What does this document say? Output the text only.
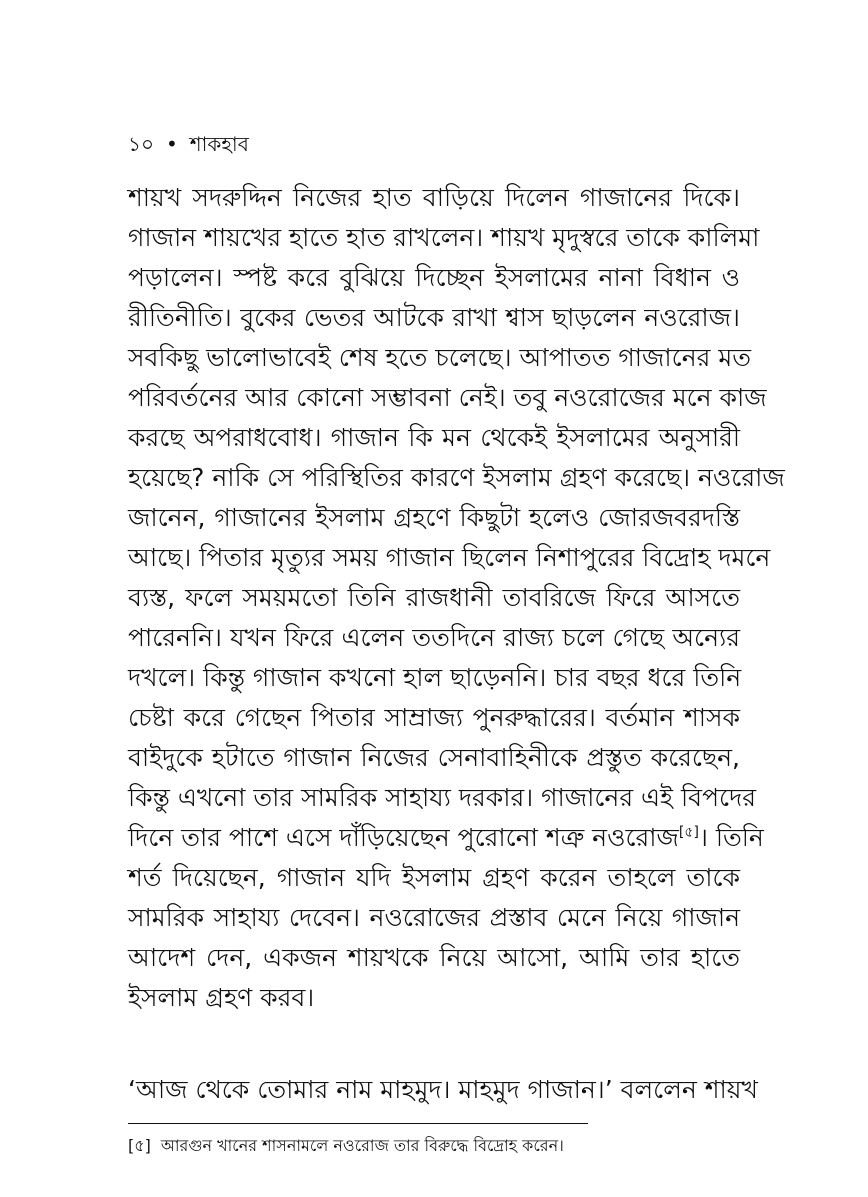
১০ • শাকহাব
শায়খ সদরুদ্দিন নিজের হাত বাড়িয়ে দিলেন গাজানের দিকে।
গাজান শায়খের হাতে হাত রাখলেন। শায়খ মৃদুস্বরে তাকে কালিমা
পড়ালেন। স্পষ্ট করে বুঝিয়ে দিচ্ছেন ইসলামের নানা বিধান ও
রীতিনীতি। বুকের ভেতর আটকে রাখা শ্বাস ছাড়লেন নওরোজ।
সবকিছু ভালোভাবেই শেষ হতে চলেছে। আপাতত গাজানের মত
পরিবর্তনের আর কোনো সম্ভাবনা নেই। তবু নওরোজের মনে কাজ
করছে অপরাধবোধ। গাজান কি মন থেকেই ইসলামের অনুসারী
হয়েছে? নাকি সে পরিস্থিতির কারণে ইসলাম গ্রহণ করেছে। নওরোজ
জানেন, গাজানের ইসলাম গ্রহণে কিছুটা হলেও জোরজবরদস্তি
আছে। পিতার মৃত্যুর সময় গাজান ছিলেন নিশাপুরের বিদ্রোহ দমনে
ব্যস্ত, ফলে সময়মতো তিনি রাজধানী তাবরিজে ফিরে আসতে
পারেননি। যখন ফিরে এলেন ততদিনে রাজ্য চলে গেছে অন্যের
দখলে। কিন্তু গাজান কখনো হাল ছাড়েননি। চার বছর ধরে তিনি
চেষ্টা করে গেছেন পিতার সাম্রাজ্য পুনরুদ্ধারের। বর্তমান শাসক
বাইদুকে হটাতে গাজান নিজের সেনাবাহিনীকে প্রস্তুত করেছেন,
কিন্তু এখনো তার সামরিক সাহায্য দরকার। গাজানের এই বিপদের
দিনে তার পাশে এসে দাঁড়িয়েছেন পুরোনো শত্রু নওরোজ[৫]। তিনি
শর্ত দিয়েছেন, গাজান যদি ইসলাম গ্রহণ করেন তাহলে তাকে
সামরিক সাহায্য দেবেন। নওরোজের প্রস্তাব মেনে নিয়ে গাজান
আদেশ দেন, একজন শায়খকে নিয়ে আসো, আমি তার হাতে
ইসলাম গ্রহণ করব।
‘আজ থেকে তোমার নাম মাহমুদ। মাহমুদ গাজান।’ বললেন শায়খ
[৫] আরগুন খানের শাসনামলে নওরোজ তার বিরুদ্ধে বিদ্রোহ করেন।
